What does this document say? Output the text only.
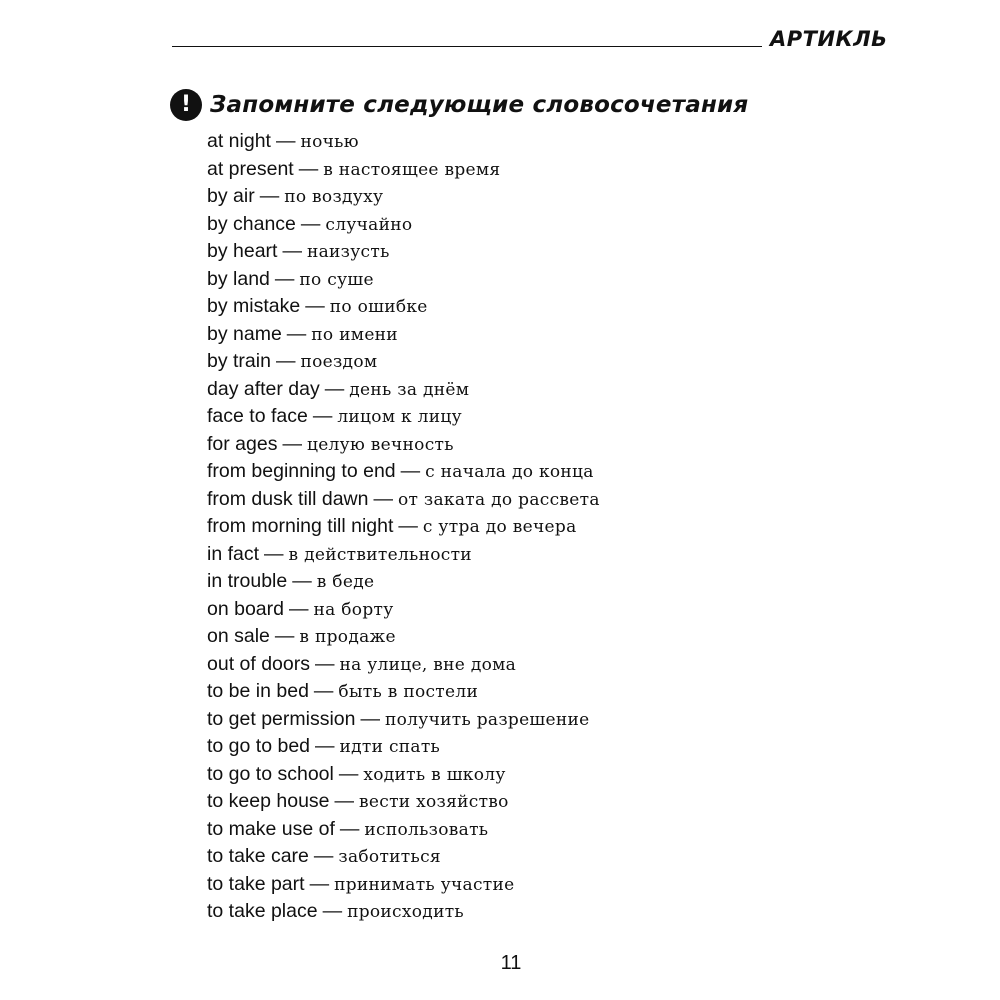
АРТИКЛЬ
! Запомните следующие словосочетания
at night — ночью
at present — в настоящее время
by air — по воздуху
by chance — случайно
by heart — наизусть
by land — по суше
by mistake — по ошибке
by name — по имени
by train — поездом
day after day — день за днём
face to face — лицом к лицу
for ages — целую вечность
from beginning to end — с начала до конца
from dusk till dawn — от заката до рассвета
from morning till night — с утра до вечера
in fact — в действительности
in trouble — в беде
on board — на борту
on sale — в продаже
out of doors — на улице, вне дома
to be in bed — быть в постели
to get permission — получить разрешение
to go to bed — идти спать
to go to school — ходить в школу
to keep house — вести хозяйство
to make use of — использовать
to take care — заботиться
to take part — принимать участие
to take place — происходить
11
